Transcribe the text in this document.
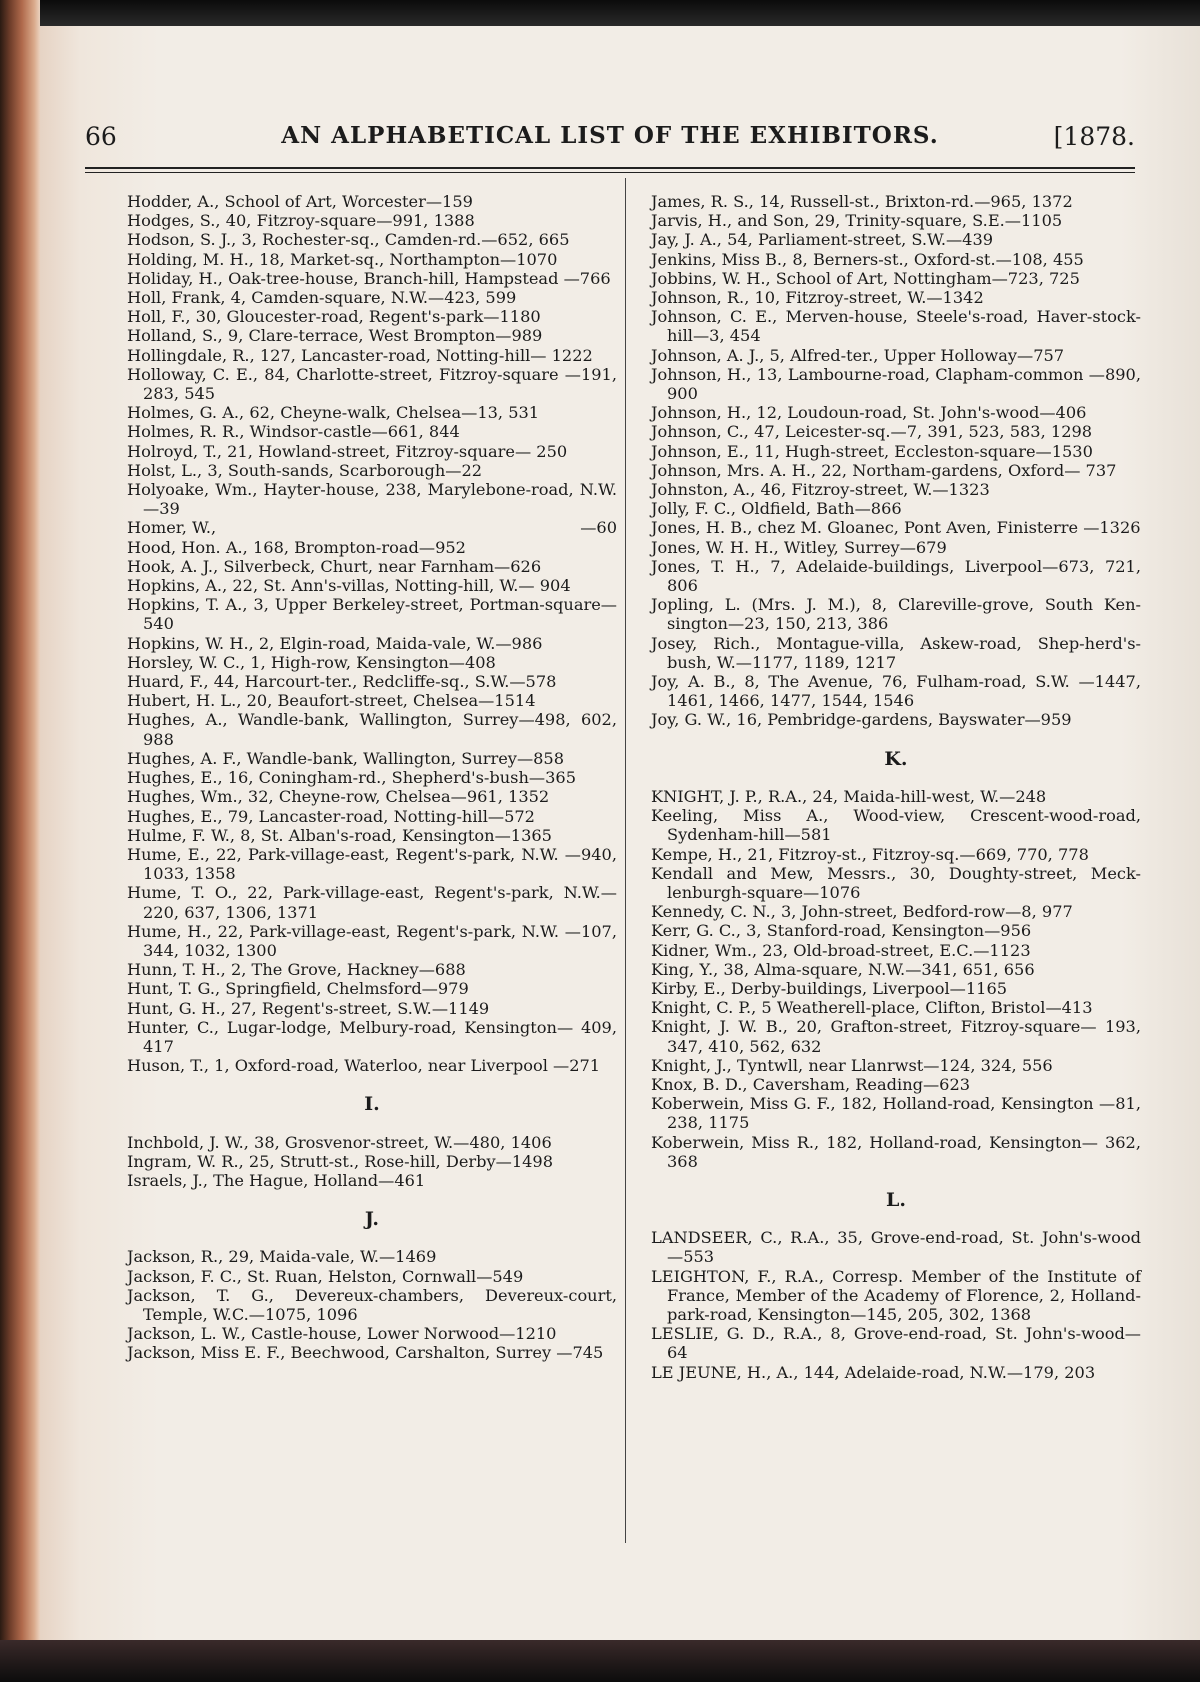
66	AN ALPHABETICAL LIST OF THE EXHIBITORS.	[1878.

Hodder, A., School of Art, Worcester—159

Hodges, S., 40, Fitzroy-square—991, 1388

Hodson, S. J., 3, Rochester-sq., Camden-rd.—652, 665

Holding, M. H., 18, Market-sq., Northampton—1070

Holiday, H., Oak-tree-house, Branch-hill, Hampstead —766

Holl, Frank, 4, Camden-square, N.W.—423, 599

Holl, F., 30, Gloucester-road, Regent's-park—1180

Holland, S., 9, Clare-terrace, West Brompton—989

Hollingdale, R., 127, Lancaster-road, Notting-hill— 1222

Holloway, C. E., 84, Charlotte-street, Fitzroy-square —191, 283, 545

Holmes, G. A., 62, Cheyne-walk, Chelsea—13, 531

Holmes, R. R., Windsor-castle—661, 844

Holroyd, T., 21, Howland-street, Fitzroy-square— 250

Holst, L., 3, South-sands, Scarborough—22

Holyoake, Wm., Hayter-house, 238, Marylebone-road, N.W.—39

Homer, W.,	—60

Hood, Hon. A., 168, Brompton-road—952

Hook, A. J., Silverbeck, Churt, near Farnham—626

Hopkins, A., 22, St. Ann's-villas, Notting-hill, W.— 904

Hopkins, T. A., 3, Upper Berkeley-street, Portman-square—540

Hopkins, W. H., 2, Elgin-road, Maida-vale, W.—986

Horsley, W. C., 1, High-row, Kensington—408

Huard, F., 44, Harcourt-ter., Redcliffe-sq., S.W.—578

Hubert, H. L., 20, Beaufort-street, Chelsea—1514

Hughes, A., Wandle-bank, Wallington, Surrey—498, 602, 988

Hughes, A. F., Wandle-bank, Wallington, Surrey—858

Hughes, E., 16, Coningham-rd., Shepherd's-bush—365

Hughes, Wm., 32, Cheyne-row, Chelsea—961, 1352

Hughes, E., 79, Lancaster-road, Notting-hill—572

Hulme, F. W., 8, St. Alban's-road, Kensington—1365

Hume, E., 22, Park-village-east, Regent's-park, N.W. —940, 1033, 1358

Hume, T. O., 22, Park-village-east, Regent's-park, N.W.—220, 637, 1306, 1371

Hume, H., 22, Park-village-east, Regent's-park, N.W. —107, 344, 1032, 1300

Hunn, T. H., 2, The Grove, Hackney—688

Hunt, T. G., Springfield, Chelmsford—979

Hunt, G. H., 27, Regent's-street, S.W.—1149

Hunter, C., Lugar-lodge, Melbury-road, Kensington— 409, 417

Huson, T., 1, Oxford-road, Waterloo, near Liverpool —271

I.

Inchbold, J. W., 38, Grosvenor-street, W.—480, 1406

Ingram, W. R., 25, Strutt-st., Rose-hill, Derby—1498

Israels, J., The Hague, Holland—461

J.

Jackson, R., 29, Maida-vale, W.—1469

Jackson, F. C., St. Ruan, Helston, Cornwall—549

Jackson, T. G., Devereux-chambers, Devereux-court, Temple, W.C.—1075, 1096

Jackson, L. W., Castle-house, Lower Norwood—1210

Jackson, Miss E. F., Beechwood, Carshalton, Surrey —745

James, R. S., 14, Russell-st., Brixton-rd.—965, 1372

Jarvis, H., and Son, 29, Trinity-square, S.E.—1105

Jay, J. A., 54, Parliament-street, S.W.—439

Jenkins, Miss B., 8, Berners-st., Oxford-st.—108, 455

Jobbins, W. H., School of Art, Nottingham—723, 725

Johnson, R., 10, Fitzroy-street, W.—1342

Johnson, C. E., Merven-house, Steele's-road, Haver-stock-hill—3, 454

Johnson, A. J., 5, Alfred-ter., Upper Holloway—757

Johnson, H., 13, Lambourne-road, Clapham-common —890, 900

Johnson, H., 12, Loudoun-road, St. John's-wood—406

Johnson, C., 47, Leicester-sq.—7, 391, 523, 583, 1298

Johnson, E., 11, Hugh-street, Eccleston-square—1530

Johnson, Mrs. A. H., 22, Northam-gardens, Oxford— 737

Johnston, A., 46, Fitzroy-street, W.—1323

Jolly, F. C., Oldfield, Bath—866

Jones, H. B., chez M. Gloanec, Pont Aven, Finisterre —1326

Jones, W. H. H., Witley, Surrey—679

Jones, T. H., 7, Adelaide-buildings, Liverpool—673, 721, 806

Jopling, L. (Mrs. J. M.), 8, Clareville-grove, South Ken-sington—23, 150, 213, 386

Josey, Rich., Montague-villa, Askew-road, Shep-herd's-bush, W.—1177, 1189, 1217

Joy, A. B., 8, The Avenue, 76, Fulham-road, S.W. —1447, 1461, 1466, 1477, 1544, 1546

Joy, G. W., 16, Pembridge-gardens, Bayswater—959

K.

KNIGHT, J. P., R.A., 24, Maida-hill-west, W.—248

Keeling, Miss A., Wood-view, Crescent-wood-road, Sydenham-hill—581

Kempe, H., 21, Fitzroy-st., Fitzroy-sq.—669, 770, 778

Kendall and Mew, Messrs., 30, Doughty-street, Meck-lenburgh-square—1076

Kennedy, C. N., 3, John-street, Bedford-row—8, 977

Kerr, G. C., 3, Stanford-road, Kensington—956

Kidner, Wm., 23, Old-broad-street, E.C.—1123

King, Y., 38, Alma-square, N.W.—341, 651, 656

Kirby, E., Derby-buildings, Liverpool—1165

Knight, C. P., 5 Weatherell-place, Clifton, Bristol—413

Knight, J. W. B., 20, Grafton-street, Fitzroy-square— 193, 347, 410, 562, 632

Knight, J., Tyntwll, near Llanrwst—124, 324, 556

Knox, B. D., Caversham, Reading—623

Koberwein, Miss G. F., 182, Holland-road, Kensington —81, 238, 1175

Koberwein, Miss R., 182, Holland-road, Kensington— 362, 368

L.

LANDSEER, C., R.A., 35, Grove-end-road, St. John's-wood—553

LEIGHTON, F., R.A., Corresp. Member of the Institute of France, Member of the Academy of Florence, 2, Holland-park-road, Kensington—145, 205, 302, 1368

LESLIE, G. D., R.A., 8, Grove-end-road, St. John's-wood—64

LE JEUNE, H., A., 144, Adelaide-road, N.W.—179, 203
